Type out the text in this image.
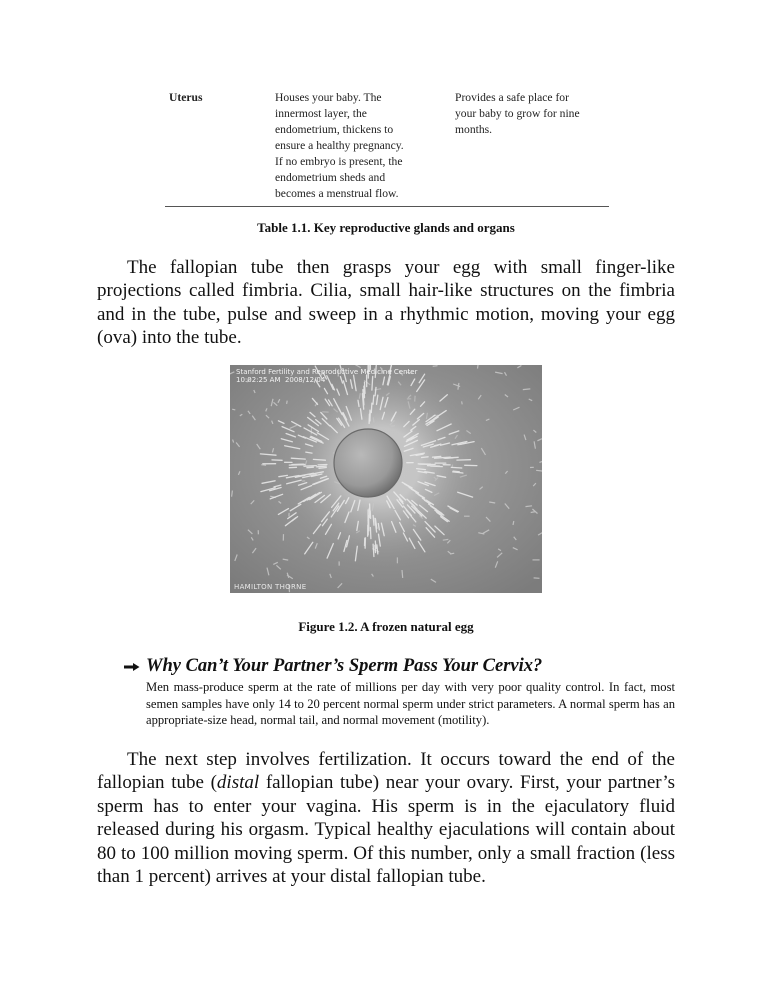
Uterus	Houses your baby. The
innermost layer, the
endometrium, thickens to
ensure a healthy pregnancy.
If no embryo is present, the
endometrium sheds and
becomes a menstrual flow.
Provides a safe place for
your baby to grow for nine
months.
Table 1.1. Key reproductive glands and organs

The fallopian tube then grasps your egg with small finger-like projections called fimbria. Cilia, small hair-like structures on the fimbria and in the tube, pulse and sweep in a rhythmic motion, moving your egg (ova) into the tube.

Stanford Fertility and Reproductive Medicine Center
10:02:25 AM  2008/12/04
HAMILTON THORNE
Figure 1.2. A frozen natural egg
Why Can’t Your Partner’s Sperm Pass Your Cervix?

Men mass-produce sperm at the rate of millions per day with very poor quality control. In fact, most semen samples have only 14 to 20 percent normal sperm under strict parameters. A normal sperm has an appropriate-size head, normal tail, and normal movement (motility).

The next step involves fertilization. It occurs toward the end of the fallopian tube (distal fallopian tube) near your ovary. First, your partner’s sperm has to enter your vagina. His sperm is in the ejaculatory fluid released during his orgasm. Typical healthy ejaculations will contain about 80 to 100 million moving sperm. Of this number, only a small fraction (less than 1 percent) arrives at your distal fallopian tube.
